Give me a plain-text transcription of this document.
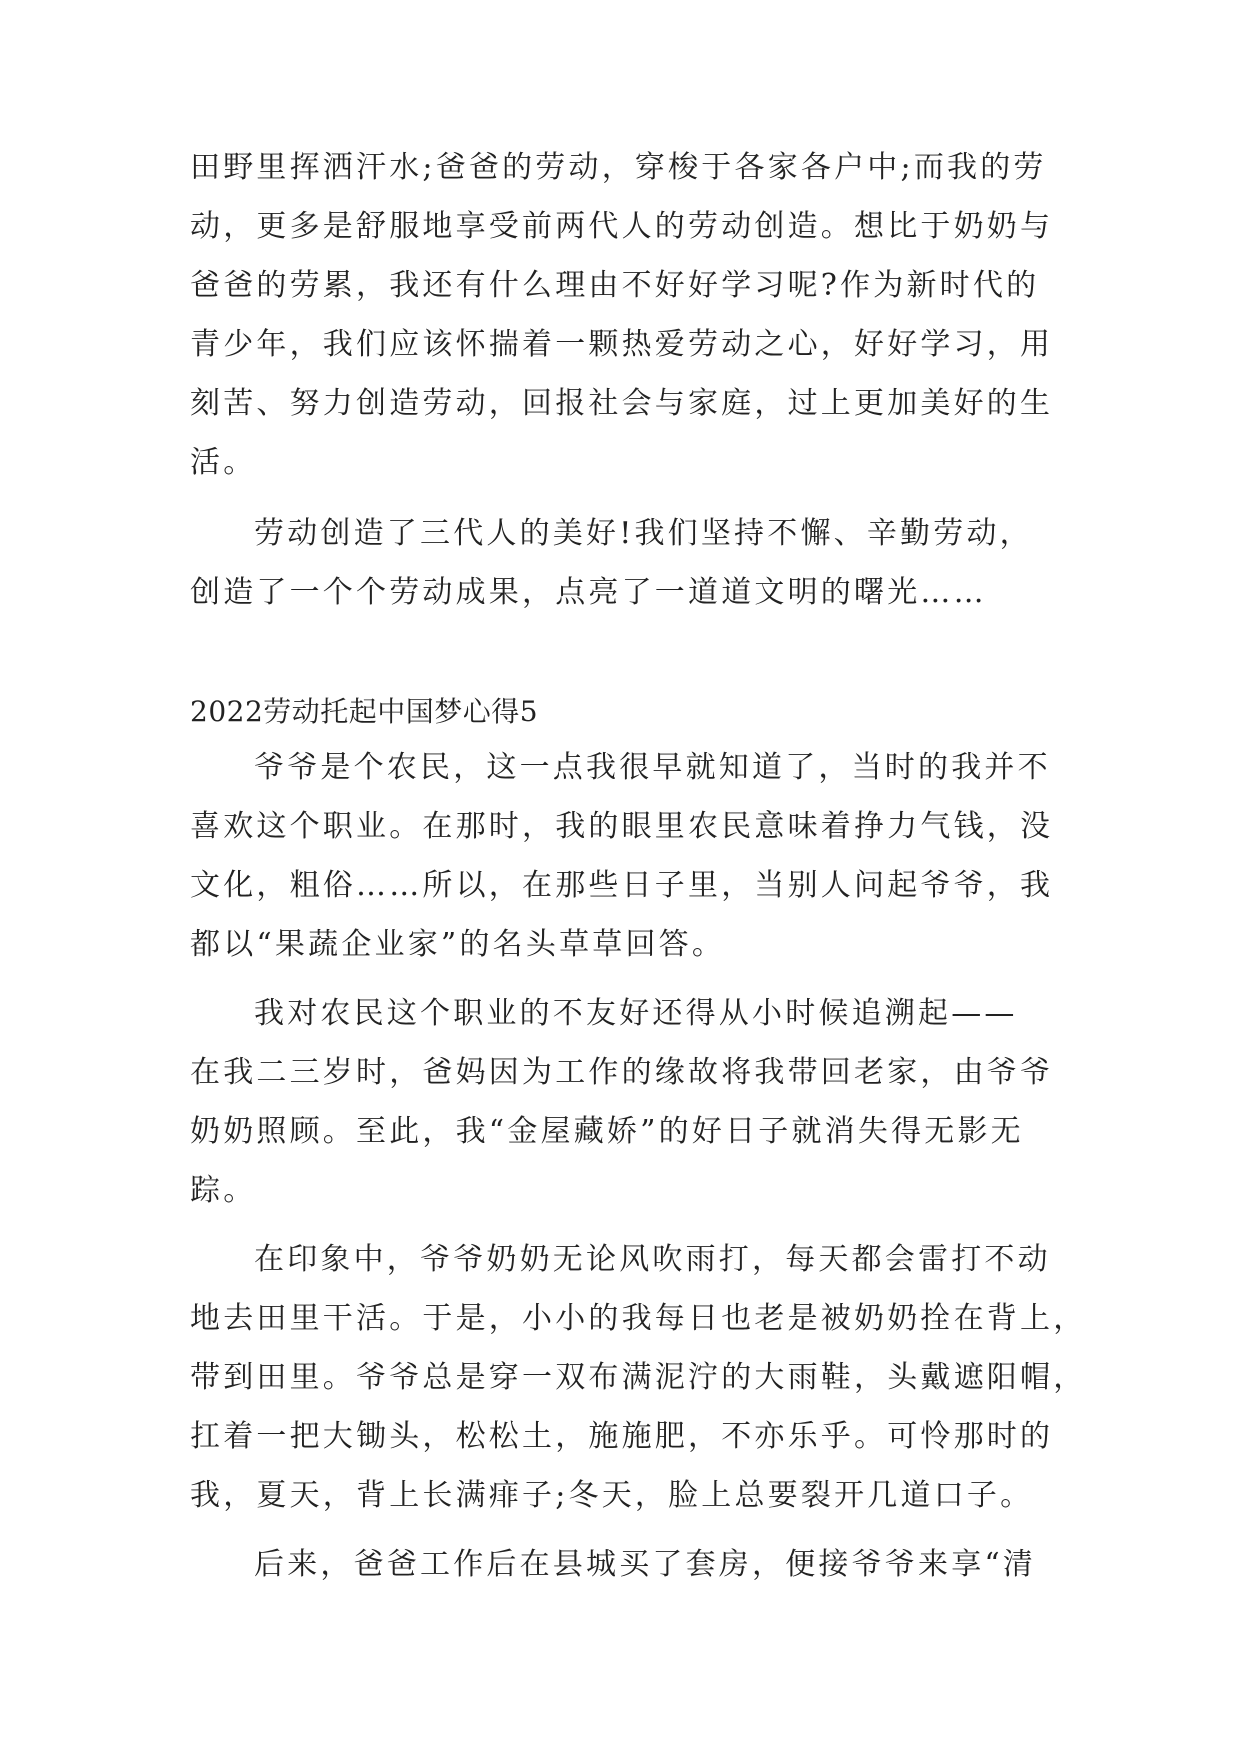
田野里挥洒汗水;爸爸的劳动，穿梭于各家各户中;而我的劳
动，更多是舒服地享受前两代人的劳动创造。想比于奶奶与
爸爸的劳累，我还有什么理由不好好学习呢?作为新时代的
青少年，我们应该怀揣着一颗热爱劳动之心，好好学习，用
刻苦、努力创造劳动，回报社会与家庭，过上更加美好的生
活。
劳动创造了三代人的美好!我们坚持不懈、辛勤劳动，
创造了一个个劳动成果，点亮了一道道文明的曙光……
2022劳动托起中国梦心得5
爷爷是个农民，这一点我很早就知道了，当时的我并不
喜欢这个职业。在那时，我的眼里农民意味着挣力气钱，没
文化，粗俗……所以，在那些日子里，当别人问起爷爷，我
都以“果蔬企业家”的名头草草回答。
我对农民这个职业的不友好还得从小时候追溯起——
在我二三岁时，爸妈因为工作的缘故将我带回老家，由爷爷
奶奶照顾。至此，我“金屋藏娇”的好日子就消失得无影无
踪。
在印象中，爷爷奶奶无论风吹雨打，每天都会雷打不动
地去田里干活。于是，小小的我每日也老是被奶奶拴在背上，
带到田里。爷爷总是穿一双布满泥泞的大雨鞋，头戴遮阳帽，
扛着一把大锄头，松松土，施施肥，不亦乐乎。可怜那时的
我，夏天，背上长满痱子;冬天，脸上总要裂开几道口子。
后来，爸爸工作后在县城买了套房，便接爷爷来享“清
